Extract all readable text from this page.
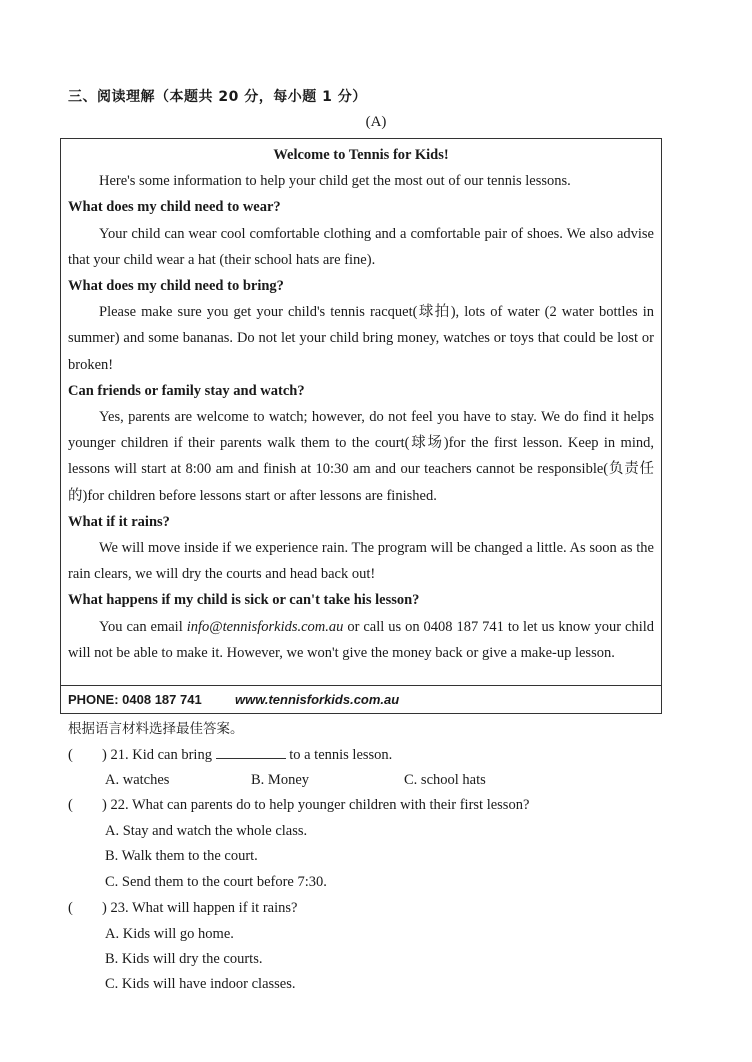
三、阅读理解（本题共 20 分，每小题 1 分）
(A)
Welcome to Tennis for Kids!
Here's some information to help your child get the most out of our tennis lessons.
What does my child need to wear?
Your child can wear cool comfortable clothing and a comfortable pair of shoes. We also advise that your child wear a hat (their school hats are fine).
What does my child need to bring?
Please make sure you get your child's tennis racquet(球拍), lots of water (2 water bottles in summer) and some bananas. Do not let your child bring money, watches or toys that could be lost or broken!
Can friends or family stay and watch?
Yes, parents are welcome to watch; however, do not feel you have to stay. We do find it helps younger children if their parents walk them to the court(球场)for the first lesson. Keep in mind, lessons will start at 8:00 am and finish at 10:30 am and our teachers cannot be responsible(负责任的)for children before lessons start or after lessons are finished.
What if it rains?
We will move inside if we experience rain. The program will be changed a little. As soon as the rain clears, we will dry the courts and head back out!
What happens if my child is sick or can't take his lesson?
You can email info@tennisforkids.com.au or call us on 0408 187 741 to let us know your child will not be able to make it. However, we won't give the money back or give a make-up lesson.
PHONE: 0408 187 741	www.tennisforkids.com.au
根据语言材料选择最佳答案。
( ) 21. Kid can bring	to a tennis lesson.
A. watches	B. Money	C. school hats
( ) 22. What can parents do to help younger children with their first lesson?
A. Stay and watch the whole class.
B. Walk them to the court.
C. Send them to the court before 7:30.
( ) 23. What will happen if it rains?
A. Kids will go home.
B. Kids will dry the courts.
C. Kids will have indoor classes.
